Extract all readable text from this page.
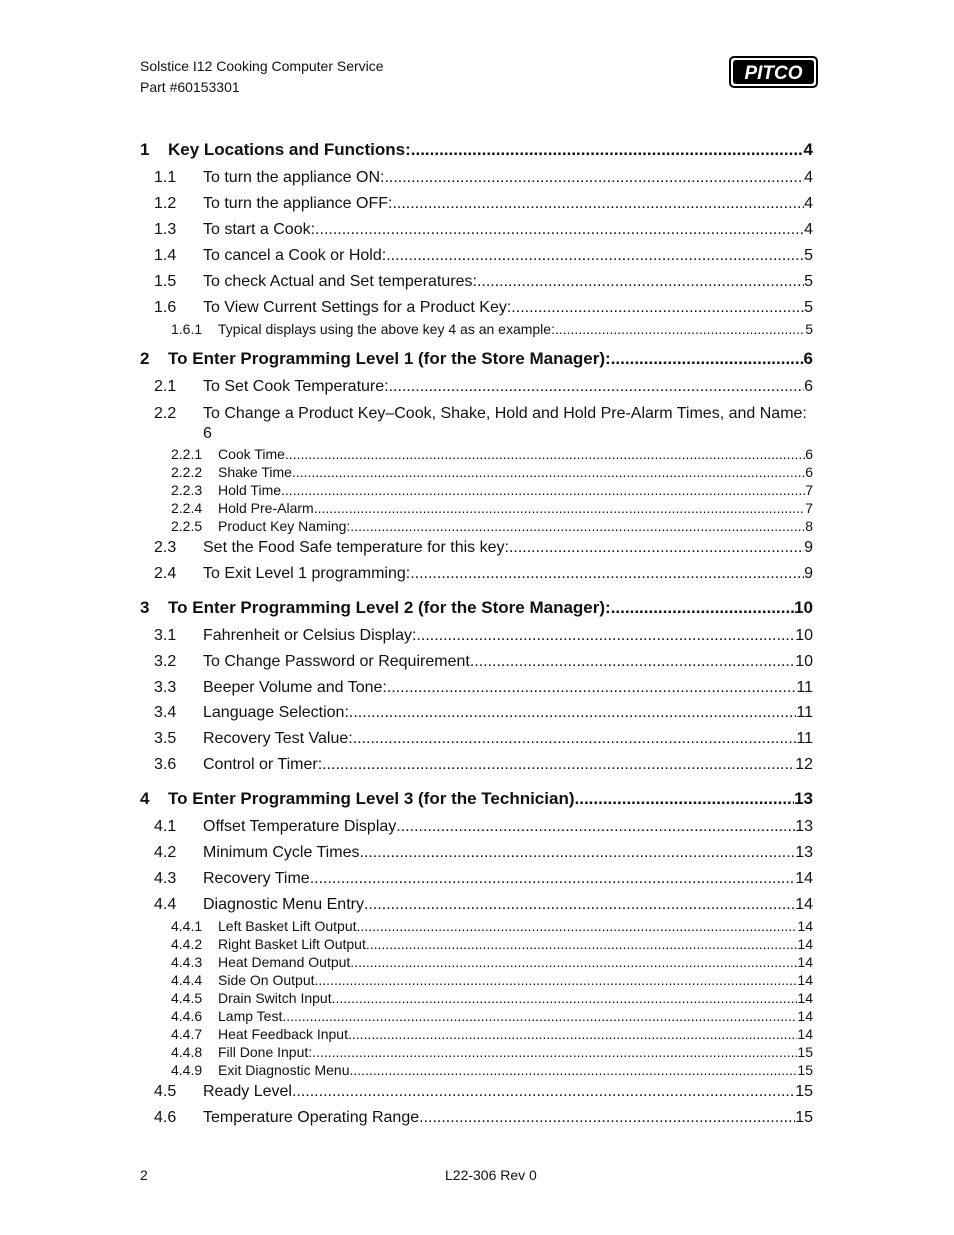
Solstice I12 Cooking Computer Service
Part #60153301
PITCO
1	Key Locations and Functions: .....	4
1.1	To turn the appliance ON: .....	4
1.2	To turn the appliance OFF: .....	4
1.3	To start a Cook: .....	4
1.4	To cancel a Cook or Hold: .....	5
1.5	To check Actual and Set temperatures: .....	5
1.6	To View Current Settings for a Product Key: .....	5
1.6.1	Typical displays using the above key 4 as an example: .....	5
2	To Enter Programming Level 1 (for the Store Manager): .....	6
2.1	To Set Cook Temperature: .....	6
2.2 To Change a Product Key–Cook, Shake, Hold and Hold Pre-Alarm Times, and Name:
6
2.2.1	Cook Time .....	6
2.2.2	Shake Time .....	6
2.2.3	Hold Time .....	7
2.2.4	Hold Pre-Alarm .....	7
2.2.5	Product Key Naming: .....	8
2.3	Set the Food Safe temperature for this key: .....	9
2.4	To Exit Level 1 programming: .....	9
3	To Enter Programming Level 2 (for the Store Manager): .....	10
3.1	Fahrenheit or Celsius Display: .....	10
3.2	To Change Password or Requirement .....	10
3.3	Beeper Volume and Tone: .....	11
3.4	Language Selection: .....	11
3.5	Recovery Test Value: .....	11
3.6	Control or Timer: .....	12
4	To Enter Programming Level 3 (for the Technician) .....	13
4.1	Offset Temperature Display .....	13
4.2	Minimum Cycle Times .....	13
4.3	Recovery Time .....	14
4.4	Diagnostic Menu Entry .....	14
4.4.1	Left Basket Lift Output .....	14
4.4.2	Right Basket Lift Output .....	14
4.4.3	Heat Demand Output .....	14
4.4.4	Side On Output .....	14
4.4.5	Drain Switch Input .....	14
4.4.6	Lamp Test .....	14
4.4.7	Heat Feedback Input .....	14
4.4.8	Fill Done Input: .....	15
4.4.9	Exit Diagnostic Menu .....	15
4.5	Ready Level .....	15
4.6	Temperature Operating Range .....	15
2	L22-306 Rev 0
